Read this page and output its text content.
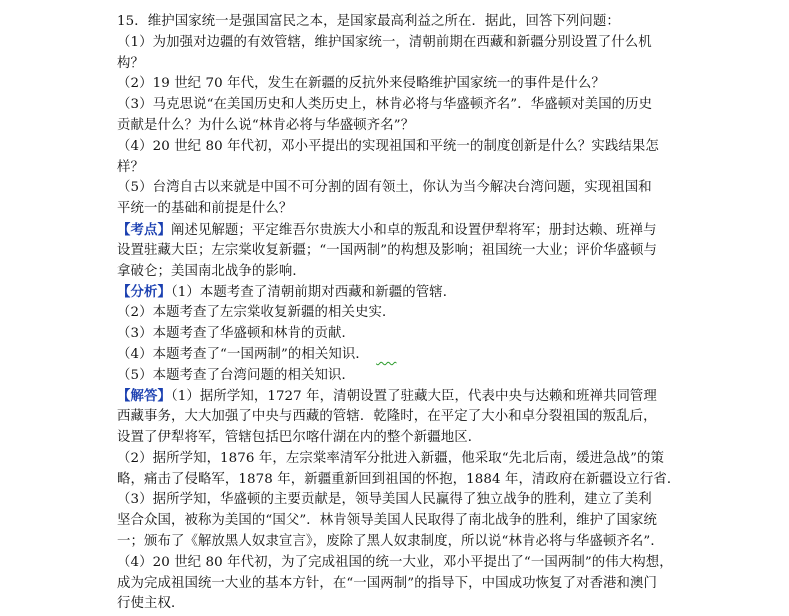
15．维护国家统一是强国富民之本，是国家最高利益之所在．据此，回答下列问题：
（1）为加强对边疆的有效管辖，维护国家统一，清朝前期在西藏和新疆分别设置了什么机
构？
（2）19 世纪 70 年代，发生在新疆的反抗外来侵略维护国家统一的事件是什么？
（3）马克思说“在美国历史和人类历史上，林肯必将与华盛顿齐名”．华盛顿对美国的历史
贡献是什么？为什么说“林肯必将与华盛顿齐名”？
（4）20 世纪 80 年代初，邓小平提出的实现祖国和平统一的制度创新是什么？实践结果怎
样？
（5）台湾自古以来就是中国不可分割的固有领土，你认为当今解决台湾问题，实现祖国和
平统一的基础和前提是什么？
【考点】阐述见解题；平定维吾尔贵族大小和卓的叛乱和设置伊犁将军；册封达赖、班禅与
设置驻藏大臣；左宗棠收复新疆；“一国两制”的构想及影响；祖国统一大业；评价华盛顿与
拿破仑；美国南北战争的影响．
【分析】（1）本题考查了清朝前期对西藏和新疆的管辖．
（2）本题考查了左宗棠收复新疆的相关史实．
（3）本题考查了华盛顿和林肯的贡献．
（4）本题考查了“一国两制”的相关知识． 。。
（5）本题考查了台湾问题的相关知识．
【解答】（1）据所学知，1727 年，清朝设置了驻藏大臣，代表中央与达赖和班禅共同管理
西藏事务，大大加强了中央与西藏的管辖．乾隆时，在平定了大小和卓分裂祖国的叛乱后，
设置了伊犁将军，管辖包括巴尔喀什湖在内的整个新疆地区．
（2）据所学知，1876 年，左宗棠率清军分批进入新疆，他采取“先北后南，缓进急战”的策
略，痛击了侵略军，1878 年，新疆重新回到祖国的怀抱，1884 年，清政府在新疆设立行省．
（3）据所学知，华盛顿的主要贡献是，领导美国人民赢得了独立战争的胜利，建立了美利
坚合众国，被称为美国的“国父”．林肯领导美国人民取得了南北战争的胜利，维护了国家统
一；颁布了《解放黑人奴隶宣言》，废除了黑人奴隶制度，所以说“林肯必将与华盛顿齐名”．
（4）20 世纪 80 年代初，为了完成祖国的统一大业，邓小平提出了“一国两制”的伟大构想，
成为完成祖国统一大业的基本方针，在“一国两制”的指导下，中国成功恢复了对香港和澳门
行使主权．
